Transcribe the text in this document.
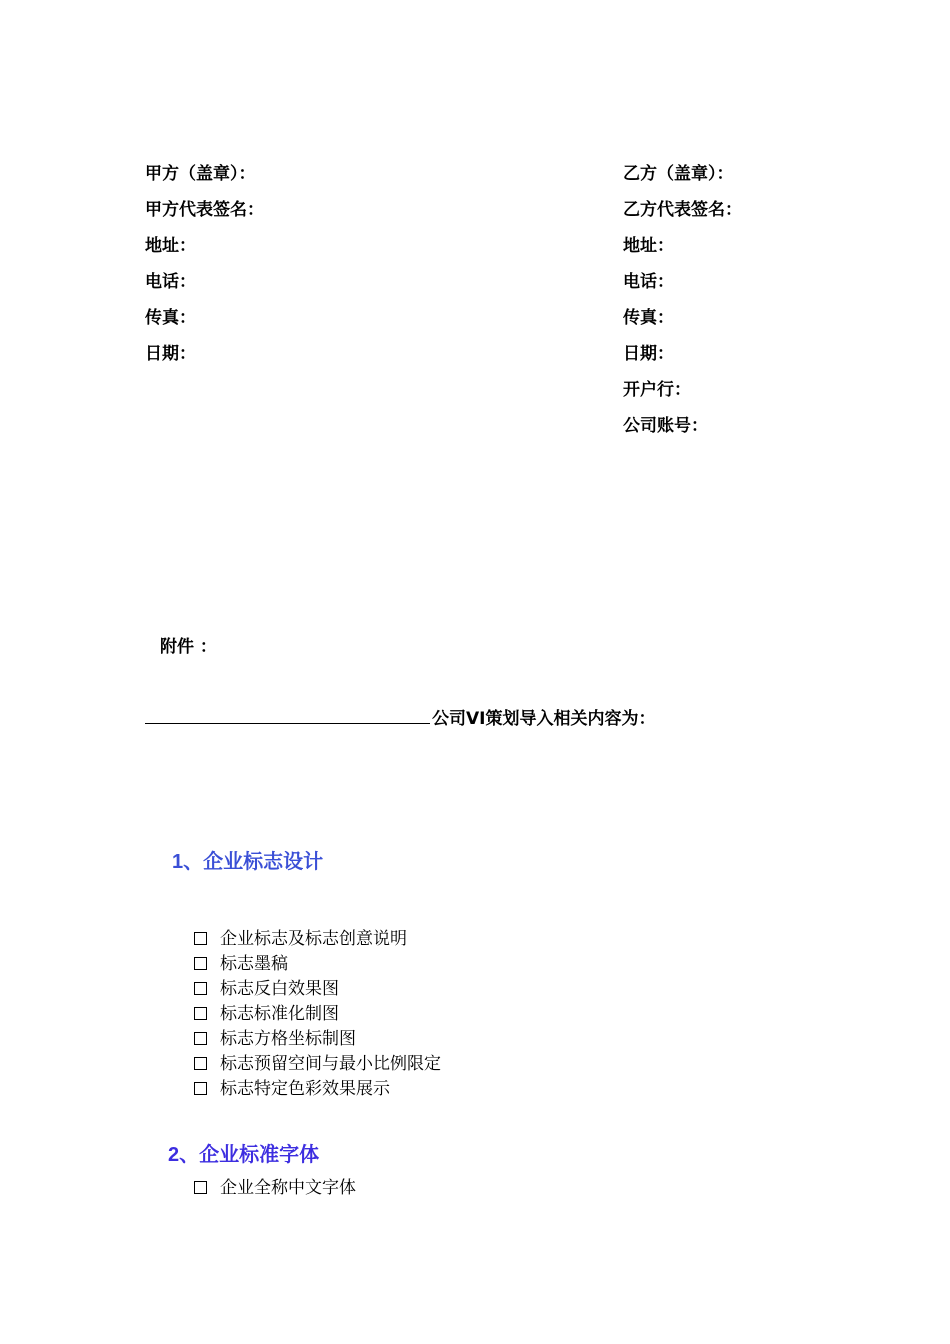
甲方（盖章）：
甲方代表签名：
地址：
电话：
传真：
日期：
乙方（盖章）：
乙方代表签名：
地址：
电话：
传真：
日期：
开户行：
公司账号：
附件 ：
公司VI策划导入相关内容为：
1、企业标志设计
企业标志及标志创意说明
标志墨稿
标志反白效果图
标志标准化制图
标志方格坐标制图
标志预留空间与最小比例限定
标志特定色彩效果展示
2、企业标准字体
企业全称中文字体
